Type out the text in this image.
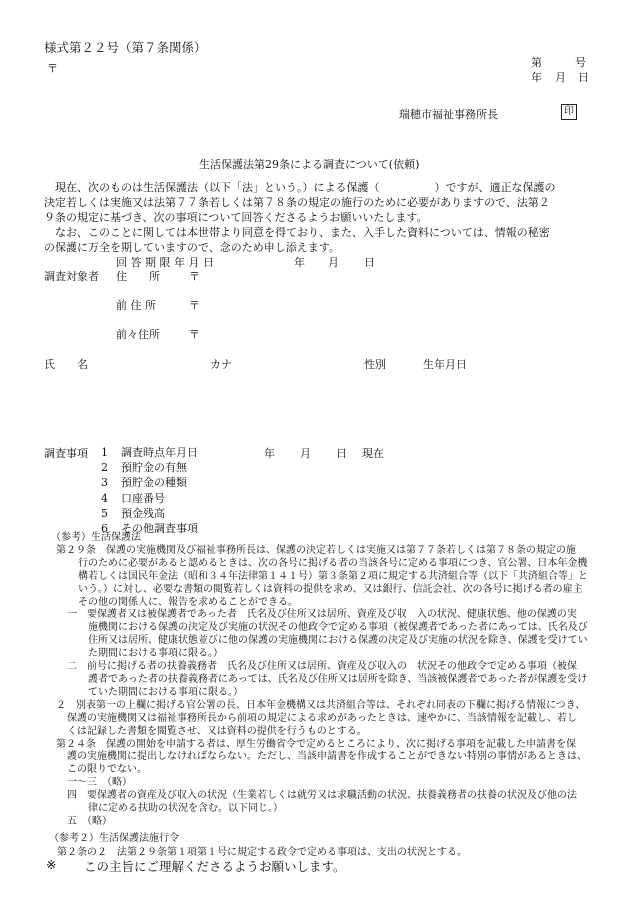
様式第２２号（第７条関係）
〒	第	号
年 月 日
瑞穂市福祉事務所長	印
生活保護法第29条による調査について(依頼)
現在、次のものは生活保護法（以下「法」という。）による保護（　　　　　）ですが、適正な保護の
決定若しくは実施又は法第７７条若しくは第７８条の規定の施行のために必要がありますので、法第２
９条の規定に基づき、次の事項について回答くださるようお願いいたします。
なお、このことに関しては本世帯より同意を得ており、また、入手した資料については、情報の秘密
の保護に万全を期していますので、念のため申し添えます。
回 答 期 限 年 月 日	年 月 日
調査対象者 住　　所	〒
前 住 所	〒
前々住所	〒
氏　　名	カナ	性別	生年月日
調査事項 1 調査時点年月日
2 預貯金の有無
3 預貯金の種類
4 口座番号
5 預金残高
6 その他調査事項
年 月 日 現在
（参考）生活保護法
第２９条　保護の実施機関及び福祉事務所長は、保護の決定若しくは実施又は第７７条若しくは第７８条の規定の施
行のために必要があると認めるときは、次の各号に掲げる者の当該各号に定める事項につき、官公署、日本年金機
構若しくは国民年金法（昭和３４年法律第１４１号）第３条第２項に規定する共済組合等（以下「共済組合等」と
いう。）に対し、必要な書類の閲覧若しくは資料の提供を求め、又は銀行、信託会社、次の各号に掲げる者の雇主
その他の関係人に、報告を求めることができる。
一　要保護者又は被保護者であった者　氏名及び住所又は居所、資産及び収　入の状況、健康状態、他の保護の実
施機関における保護の決定及び実施の状況その他政令で定める事項（被保護者であった者にあっては、氏名及び
住所又は居所、健康状態並びに他の保護の実施機関における保護の決定及び実施の状況を除き、保護を受けてい
た期間における事項に限る。）
二　前号に掲げる者の扶養義務者　氏名及び住所又は居所、資産及び収入の　状況その他政令で定める事項（被保
護者であった者の扶養義務者にあっては、氏名及び住所又は居所を除き、当該被保護者であった者が保護を受け
ていた期間における事項に限る。）
２　別表第一の上欄に掲げる官公署の長、日本年金機構又は共済組合等は、それぞれ同表の下欄に掲げる情報につき、
保護の実施機関又は福祉事務所長から前項の規定による求めがあったときは、速やかに、当該情報を記載し、若し
くは記録した書類を閲覧させ、又は資料の提供を行うものとする。
第２４条　保護の開始を申請する者は、厚生労働省令で定めるところにより、次に掲げる事項を記載した申請書を保
護の実施機関に提出しなければならない。ただし、当該申請書を作成することができない特別の事情があるときは、
この限りでない。
一～三　（略）
四　要保護者の資産及び収入の状況（生業若しくは就労又は求職活動の状況、扶養義務者の扶養の状況及び他の法
律に定める扶助の状況を含む。以下同じ。）
五　（略）
（参考２）生活保護法施行令
第２条の２　法第２９条第１項第１号に規定する政令で定める事項は、支出の状況とする。
※ この主旨にご理解くださるようお願いします。
